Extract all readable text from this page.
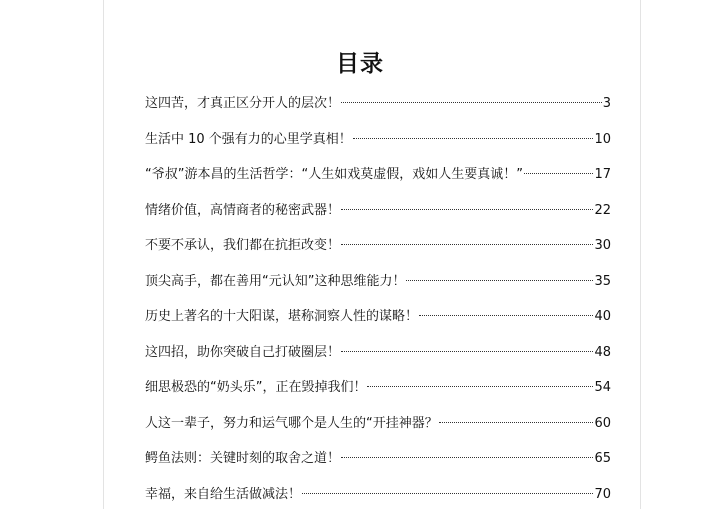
目录
这四苦，才真正区分开人的层次！	3
生活中 10 个强有力的心里学真相！	10
“爷叔”游本昌的生活哲学：“人生如戏莫虚假，戏如人生要真诚！”	17
情绪价值，高情商者的秘密武器！	22
不要不承认，我们都在抗拒改变！	30
顶尖高手，都在善用“元认知”这种思维能力！	35
历史上著名的十大阳谋，堪称洞察人性的谋略！	40
这四招，助你突破自己打破圈层！	48
细思极恐的“奶头乐”，正在毁掉我们！	54
人这一辈子，努力和运气哪个是人生的“开挂神器？	60
鳄鱼法则：关键时刻的取舍之道！	65
幸福，来自给生活做减法！	70
